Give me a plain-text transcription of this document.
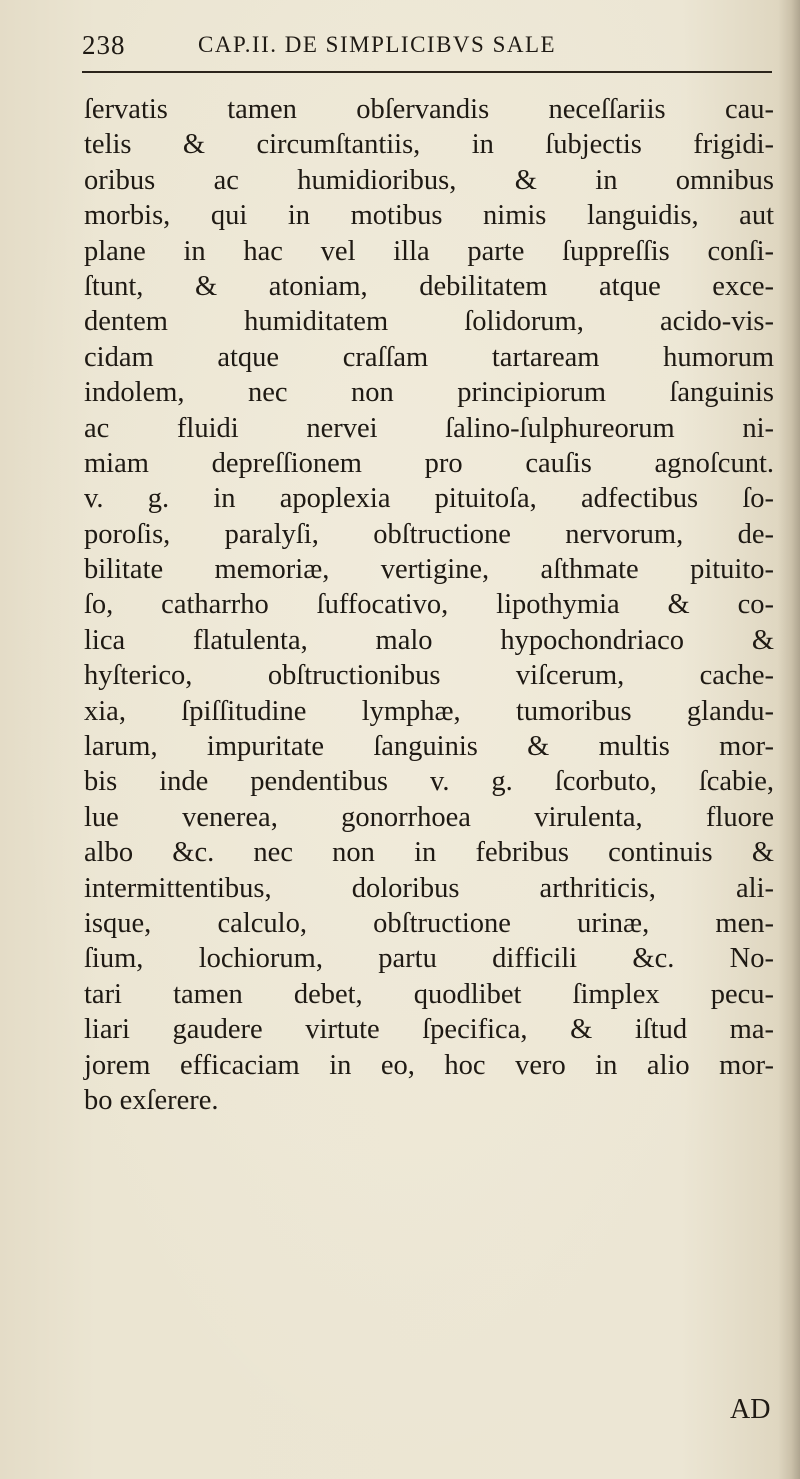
238	CAP.II. DE SIMPLICIBVS SALE
ſervatis tamen obſervandis neceſſariis cau-
telis & circumſtantiis, in ſubjectis frigidi-
oribus ac humidioribus, & in omnibus
morbis, qui in motibus nimis languidis, aut
plane in hac vel illa parte ſuppreſſis conſi-
ſtunt, & atoniam, debilitatem atque exce-
dentem humiditatem ſolidorum, acido-vis-
cidam atque craſſam tartaream humorum
indolem, nec non principiorum ſanguinis
ac fluidi nervei ſalino-ſulphureorum ni-
miam depreſſionem pro cauſis agnoſcunt.
v. g. in apoplexia pituitoſa, adfectibus ſo-
poroſis, paralyſi, obſtructione nervorum, de-
bilitate memoriæ, vertigine, aſthmate pituito-
ſo, catharrho ſuffocativo, lipothymia & co-
lica flatulenta, malo hypochondriaco &
hyſterico, obſtructionibus viſcerum, cache-
xia, ſpiſſitudine lymphæ, tumoribus glandu-
larum, impuritate ſanguinis & multis mor-
bis inde pendentibus v. g. ſcorbuto, ſcabie,
lue venerea, gonorrhoea virulenta, fluore
albo &c. nec non in febribus continuis &
intermittentibus, doloribus arthriticis, ali-
isque, calculo, obſtructione urinæ, men-
ſium, lochiorum, partu difficili &c. No-
tari tamen debet, quodlibet ſimplex pecu-
liari gaudere virtute ſpecifica, & iſtud ma-
jorem efficaciam in eo, hoc vero in alio mor-
bo exſerere.
AD
